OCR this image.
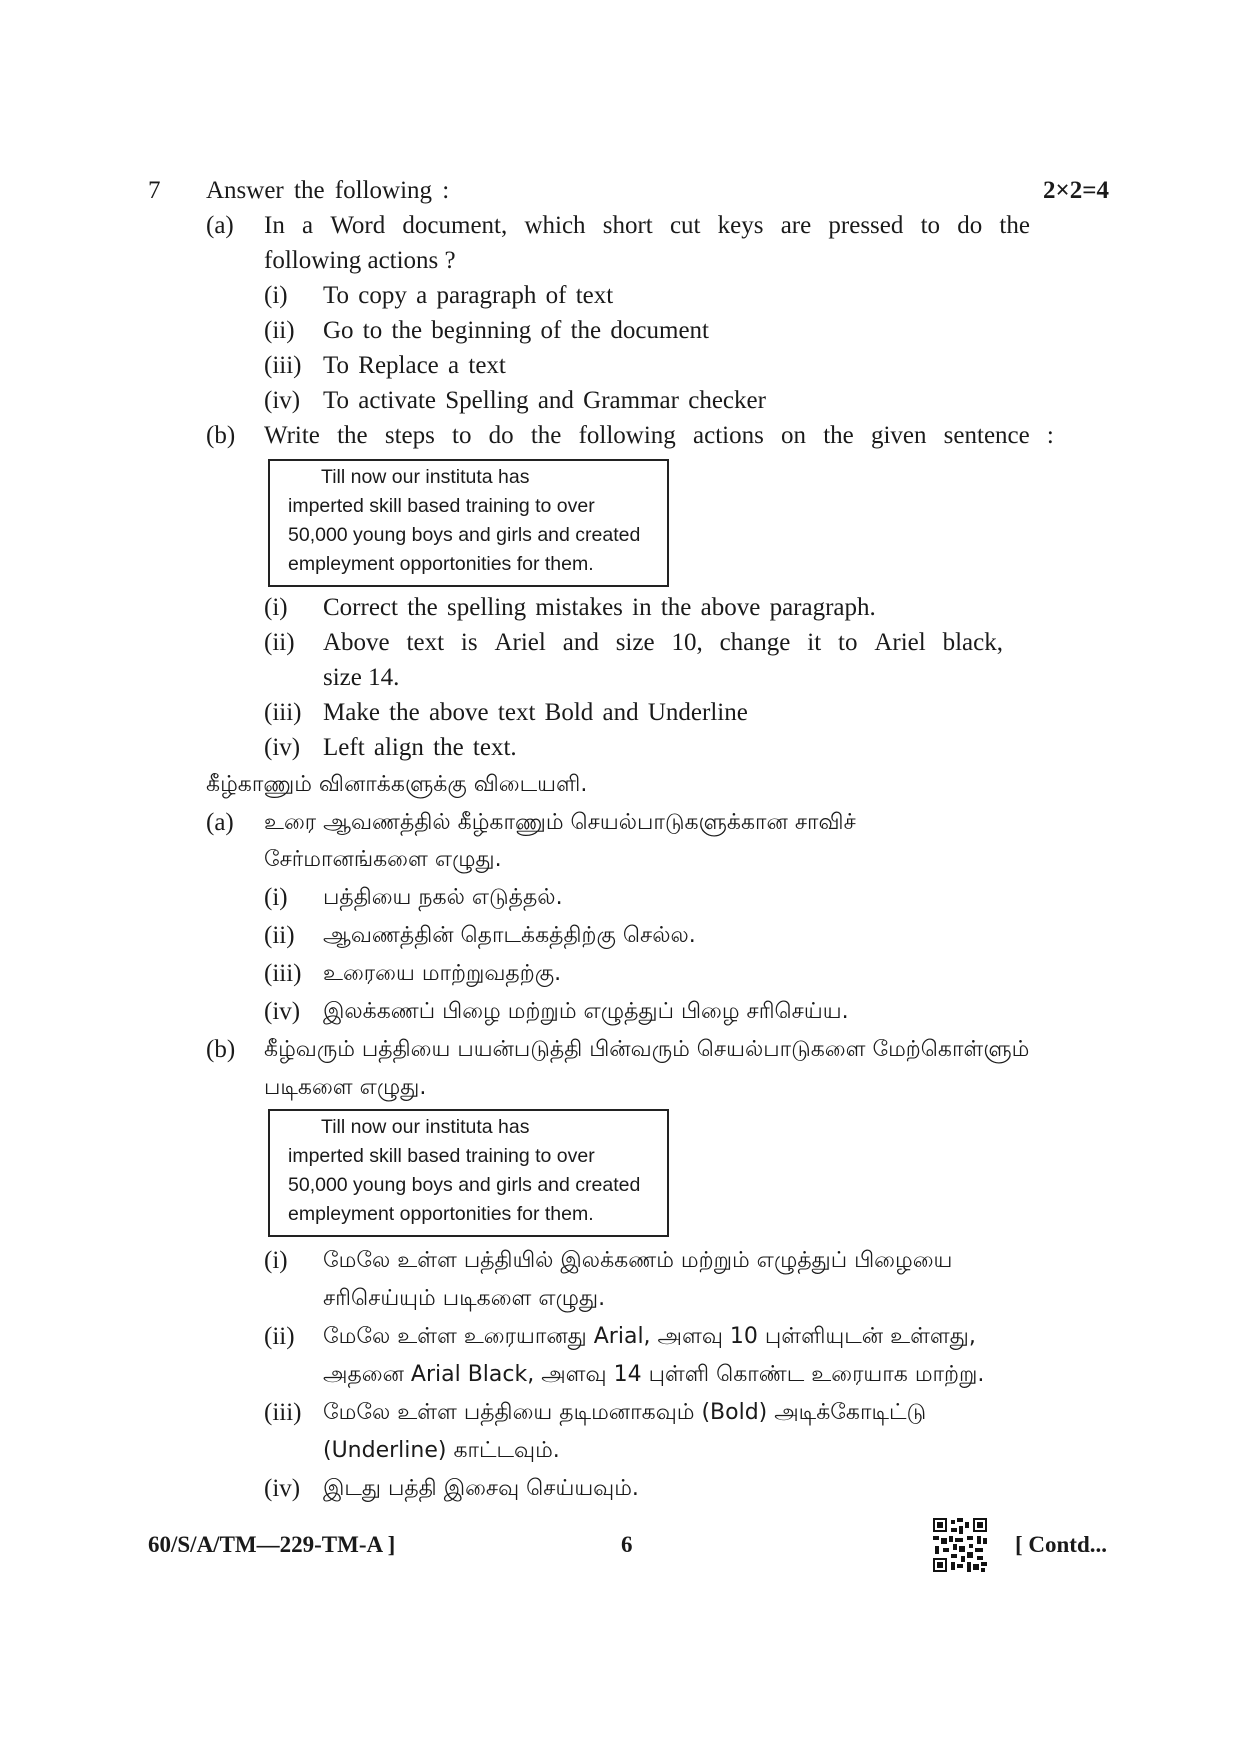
7 Answer the following :	2×2=4
(a) In a Word document, which short cut keys are pressed to do the
following actions ?
(i) To copy a paragraph of text
(ii) Go to the beginning of the document
(iii) To Replace a text
(iv) To activate Spelling and Grammar checker
(b) Write the steps to do the following actions on the given sentence :
Till now our instituta has
imperted skill based training to over
50,000 young boys and girls and created
empleyment opportonities for them.
(i) Correct the spelling mistakes in the above paragraph.
(ii) Above text is Ariel and size 10, change it to Ariel black,
size 14.
(iii) Make the above text Bold and Underline
(iv) Left align the text.
கீழ்காணும் வினாக்களுக்கு விடையளி.
(a) உரை ஆவணத்தில் கீழ்காணும் செயல்பாடுகளுக்கான சாவிச்
சேர்மானங்களை எழுது.
(i) பத்தியை நகல் எடுத்தல்.
(ii) ஆவணத்தின் தொடக்கத்திற்கு செல்ல.
(iii) உரையை மாற்றுவதற்கு.
(iv) இலக்கணப் பிழை மற்றும் எழுத்துப் பிழை சரிசெய்ய.
(b) கீழ்வரும் பத்தியை பயன்படுத்தி பின்வரும் செயல்பாடுகளை மேற்கொள்ளும்
படிகளை எழுது.
Till now our instituta has
imperted skill based training to over
50,000 young boys and girls and created
empleyment opportonities for them.
(i) மேலே உள்ள பத்தியில் இலக்கணம் மற்றும் எழுத்துப் பிழையை
சரிசெய்யும் படிகளை எழுது.
(ii) மேலே உள்ள உரையானது Arial, அளவு 10 புள்ளியுடன் உள்ளது,
அதனை Arial Black, அளவு 14 புள்ளி கொண்ட உரையாக மாற்று.
(iii) மேலே உள்ள பத்தியை தடிமனாகவும் (Bold) அடிக்கோடிட்டு
(Underline) காட்டவும்.
(iv) இடது பத்தி இசைவு செய்யவும்.
60/S/A/TM—229-TM-A ]	6	[ Contd...
